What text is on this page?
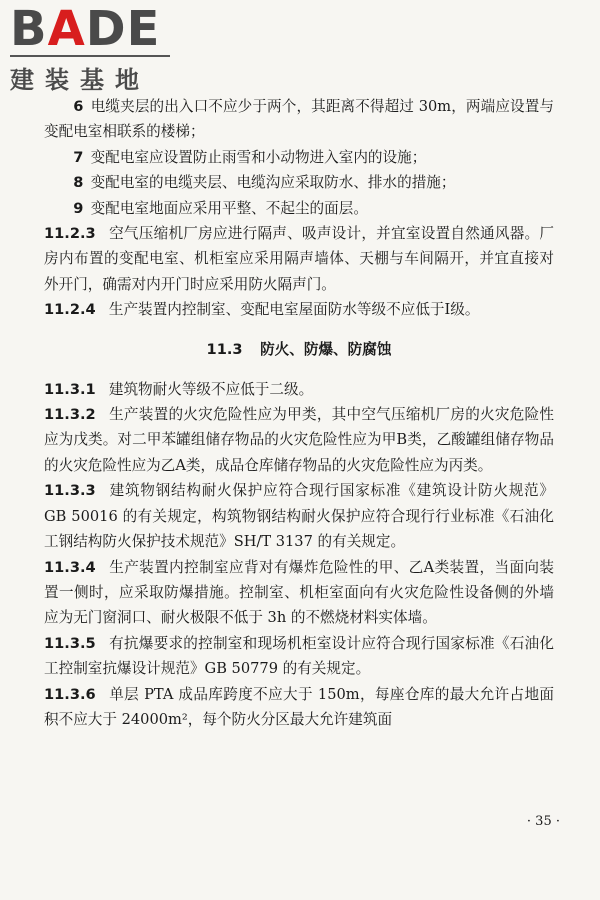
BADE
建装基地

6 电缆夹层的出入口不应少于两个，其距离不得超过 30m，两端应设置与变配电室相联系的楼梯；

7 变配电室应设置防止雨雪和小动物进入室内的设施；

8 变配电室的电缆夹层、电缆沟应采取防水、排水的措施；

9 变配电室地面应采用平整、不起尘的面层。

11.2.3 空气压缩机厂房应进行隔声、吸声设计，并宜室设置自然通风器。厂房内布置的变配电室、机柜室应采用隔声墙体、天棚与车间隔开，并宜直接对外开门，确需对内开门时应采用防火隔声门。

11.2.4 生产装置内控制室、变配电室屋面防水等级不应低于Ⅰ级。

11.3 防火、防爆、防腐蚀

11.3.1 建筑物耐火等级不应低于二级。

11.3.2 生产装置的火灾危险性应为甲类，其中空气压缩机厂房的火灾危险性应为戊类。对二甲苯罐组储存物品的火灾危险性应为甲B类，乙酸罐组储存物品的火灾危险性应为乙A类，成品仓库储存物品的火灾危险性应为丙类。

11.3.3 建筑物钢结构耐火保护应符合现行国家标准《建筑设计防火规范》GB 50016 的有关规定，构筑物钢结构耐火保护应符合现行行业标准《石油化工钢结构防火保护技术规范》SH/T 3137 的有关规定。

11.3.4 生产装置内控制室应背对有爆炸危险性的甲、乙A类装置，当面向装置一侧时，应采取防爆措施。控制室、机柜室面向有火灾危险性设备侧的外墙应为无门窗洞口、耐火极限不低于 3h 的不燃烧材料实体墙。

11.3.5 有抗爆要求的控制室和现场机柜室设计应符合现行国家标准《石油化工控制室抗爆设计规范》GB 50779 的有关规定。

11.3.6 单层 PTA 成品库跨度不应大于 150m，每座仓库的最大允许占地面积不应大于 24000m²，每个防火分区最大允许建筑面

· 35 ·
